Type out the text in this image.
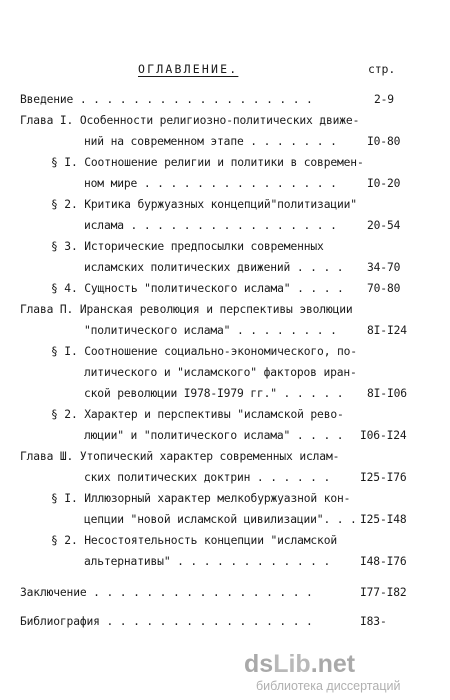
ОГЛАВЛЕНИЕ.	стр.
Введение . . . . . . . . . . . . . . . . . .	2-9
Глава I. Особенности религиозно-политических движе-
ний на современном этапе . . . . . . .	I0-80
§ I. Соотношение религии и политики в современ-
ном мире . . . . . . . . . . . . . . .	I0-20
§ 2. Критика буржуазных концепций"политизации"
ислама . . . . . . . . . . . . . . . .	20-54
§ 3. Исторические предпосылки современных
исламских политических движений . . . . 34-70
§ 4. Сущность "политического ислама" . . . . 70-80
Глава П. Иранская революция и перспективы эволюции
"политического ислама" . . . . . . . .	8I-I24
§ I. Соотношение социально-экономического, по-
литического и "исламского" факторов иран-
ской революции I978-I979 гг." . . . . . 8I-I06
§ 2. Характер и перспективы "исламской рево-
люции" и "политического ислама" . . . . I06-I24
Глава Ш. Утопический характер современных ислам-
ских политических доктрин . . . . . .	I25-I76
§ I. Иллюзорный характер мелкобуржуазной кон-
цепции "новой исламской цивилизации". . . I25-I48
§ 2. Несостоятельность концепции "исламской
альтернативы" . . . . . . . . . . . .	I48-I76
Заключение . . . . . . . . . . . . . . . . .	I77-I82
Библиография . . . . . . . . . . . . . . . .	I83-
dsLib.net
библиотека диссертаций
